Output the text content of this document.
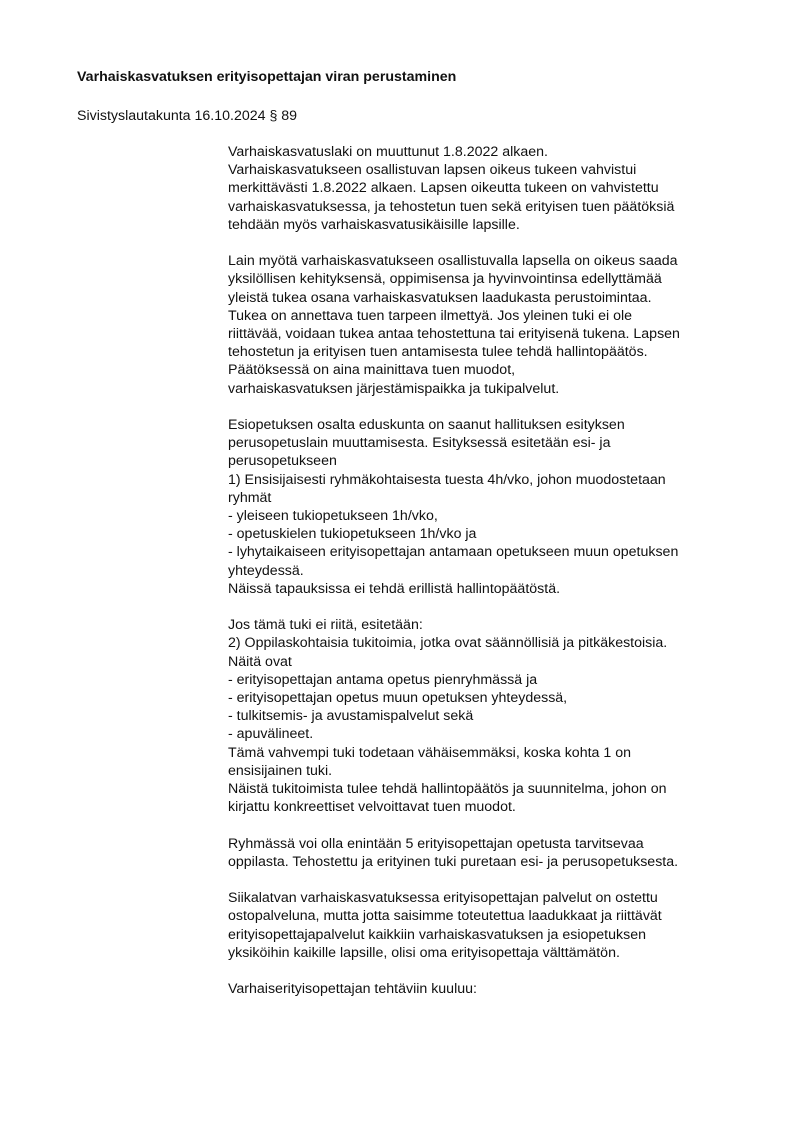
Varhaiskasvatuksen erityisopettajan viran perustaminen
Sivistyslautakunta 16.10.2024 § 89
Varhaiskasvatuslaki on muuttunut 1.8.2022 alkaen.
Varhaiskasvatukseen osallistuvan lapsen oikeus tukeen vahvistui
merkittävästi 1.8.2022 alkaen. Lapsen oikeutta tukeen on vahvistettu
varhaiskasvatuksessa, ja tehostetun tuen sekä erityisen tuen päätöksiä
tehdään myös varhaiskasvatusikäisille lapsille.
Lain myötä varhaiskasvatukseen osallistuvalla lapsella on oikeus saada
yksilöllisen kehityksensä, oppimisensa ja hyvinvointinsa edellyttämää
yleistä tukea osana varhaiskasvatuksen laadukasta perustoimintaa.
Tukea on annettava tuen tarpeen ilmettyä. Jos yleinen tuki ei ole
riittävää, voidaan tukea antaa tehostettuna tai erityisenä tukena. Lapsen
tehostetun ja erityisen tuen antamisesta tulee tehdä hallintopäätös.
Päätöksessä on aina mainittava tuen muodot,
varhaiskasvatuksen järjestämispaikka ja tukipalvelut.
Esiopetuksen osalta eduskunta on saanut hallituksen esityksen
perusopetuslain muuttamisesta. Esityksessä esitetään esi- ja
perusopetukseen
1) Ensisijaisesti ryhmäkohtaisesta tuesta 4h/vko, johon muodostetaan
ryhmät
- yleiseen tukiopetukseen 1h/vko,
- opetuskielen tukiopetukseen 1h/vko ja
- lyhytaikaiseen erityisopettajan antamaan opetukseen muun opetuksen
yhteydessä.
Näissä tapauksissa ei tehdä erillistä hallintopäätöstä.
Jos tämä tuki ei riitä, esitetään:
2) Oppilaskohtaisia tukitoimia, jotka ovat säännöllisiä ja pitkäkestoisia.
Näitä ovat
- erityisopettajan antama opetus pienryhmässä ja
- erityisopettajan opetus muun opetuksen yhteydessä,
- tulkitsemis- ja avustamispalvelut sekä
- apuvälineet.
Tämä vahvempi tuki todetaan vähäisemmäksi, koska kohta 1 on
ensisijainen tuki.
Näistä tukitoimista tulee tehdä hallintopäätös ja suunnitelma, johon on
kirjattu konkreettiset velvoittavat tuen muodot.
Ryhmässä voi olla enintään 5 erityisopettajan opetusta tarvitsevaa
oppilasta. Tehostettu ja erityinen tuki puretaan esi- ja perusopetuksesta.
Siikalatvan varhaiskasvatuksessa erityisopettajan palvelut on ostettu
ostopalveluna, mutta jotta saisimme toteutettua laadukkaat ja riittävät
erityisopettajapalvelut kaikkiin varhaiskasvatuksen ja esiopetuksen
yksiköihin kaikille lapsille, olisi oma erityisopettaja välttämätön.
Varhaiserityisopettajan tehtäviin kuuluu:
